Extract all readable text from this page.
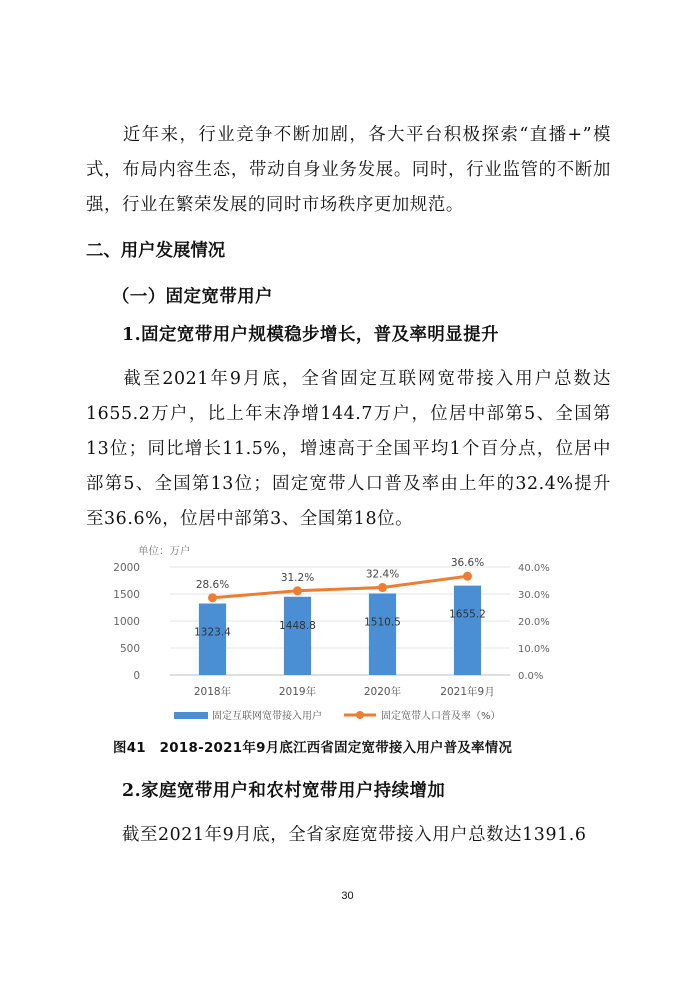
近年来，行业竞争不断加剧，各大平台积极探索“直播+”模式，布局内容生态，带动自身业务发展。同时，行业监管的不断加强，行业在繁荣发展的同时市场秩序更加规范。

二、用户发展情况
（一）固定宽带用户
1.固定宽带用户规模稳步增长，普及率明显提升

截至2021年9月底，全省固定互联网宽带接入用户总数达1655.2万户，比上年末净增144.7万户，位居中部第5、全国第13位；同比增长11.5%，增速高于全国平均1个百分点，位居中部第5、全国第13位；固定宽带人口普及率由上年的32.4%提升至36.6%，位居中部第3、全国第18位。

单位：万户
0
500
1000
1500
2000
0.0%
10.0%
20.0%
30.0%
40.0%
1323.4
1448.8	1510.5
1655.2
2018年	2019年	2020年	2021年9月
28.6%
31.2%	32.4%
36.6%
固定互联网宽带接入用户	固定宽带人口普及率（%）

图41　2018-2021年9月底江西省固定宽带接入用户普及率情况

2.家庭宽带用户和农村宽带用户持续增加

截至2021年9月底，全省家庭宽带接入用户总数达1391.6

30
